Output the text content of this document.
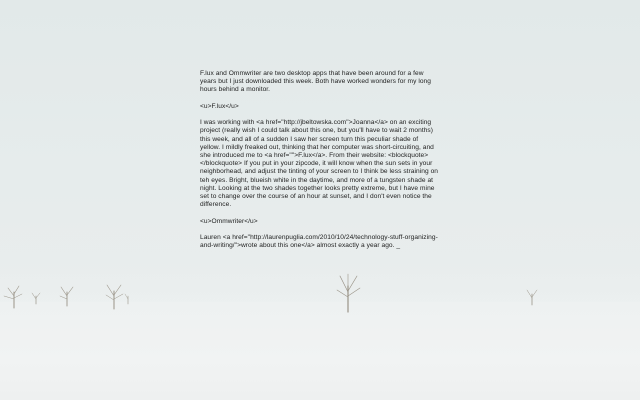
F.lux and Ommwriter are two desktop apps that have been around for a few years but I just downloaded this week. Both have worked wonders for my long hours behind a monitor.

<u>F.lux</u>

I was working with <a href="http://jbeltowska.com">Joanna</a> on an exciting project (really wish I could talk about this one, but you'll have to wait 2 months) this week, and all of a sudden I saw her screen turn this peculiar shade of yellow. I mildly freaked out, thinking that her computer was short-circuiting, and she introduced me to <a href="">F.lux</a>. From their website: <blockquote></blockquote> If you put in your zipcode, it will know when the sun sets in your neighborhead, and adjust the tinting of your screen to I think be less straining on teh eyes. Bright, blueish white in the daytime, and more of a tungsten shade at night. Looking at the two shades together looks pretty extreme, but I have mine set to change over the course of an hour at sunset, and I don't even notice the difference.

<u>Ommwriter</u>

Lauren <a href="http://laurenpuglia.com/2010/10/24/technology-stuff-organizing-and-writing/">wrote about this one</a> almost exactly a year ago. _
